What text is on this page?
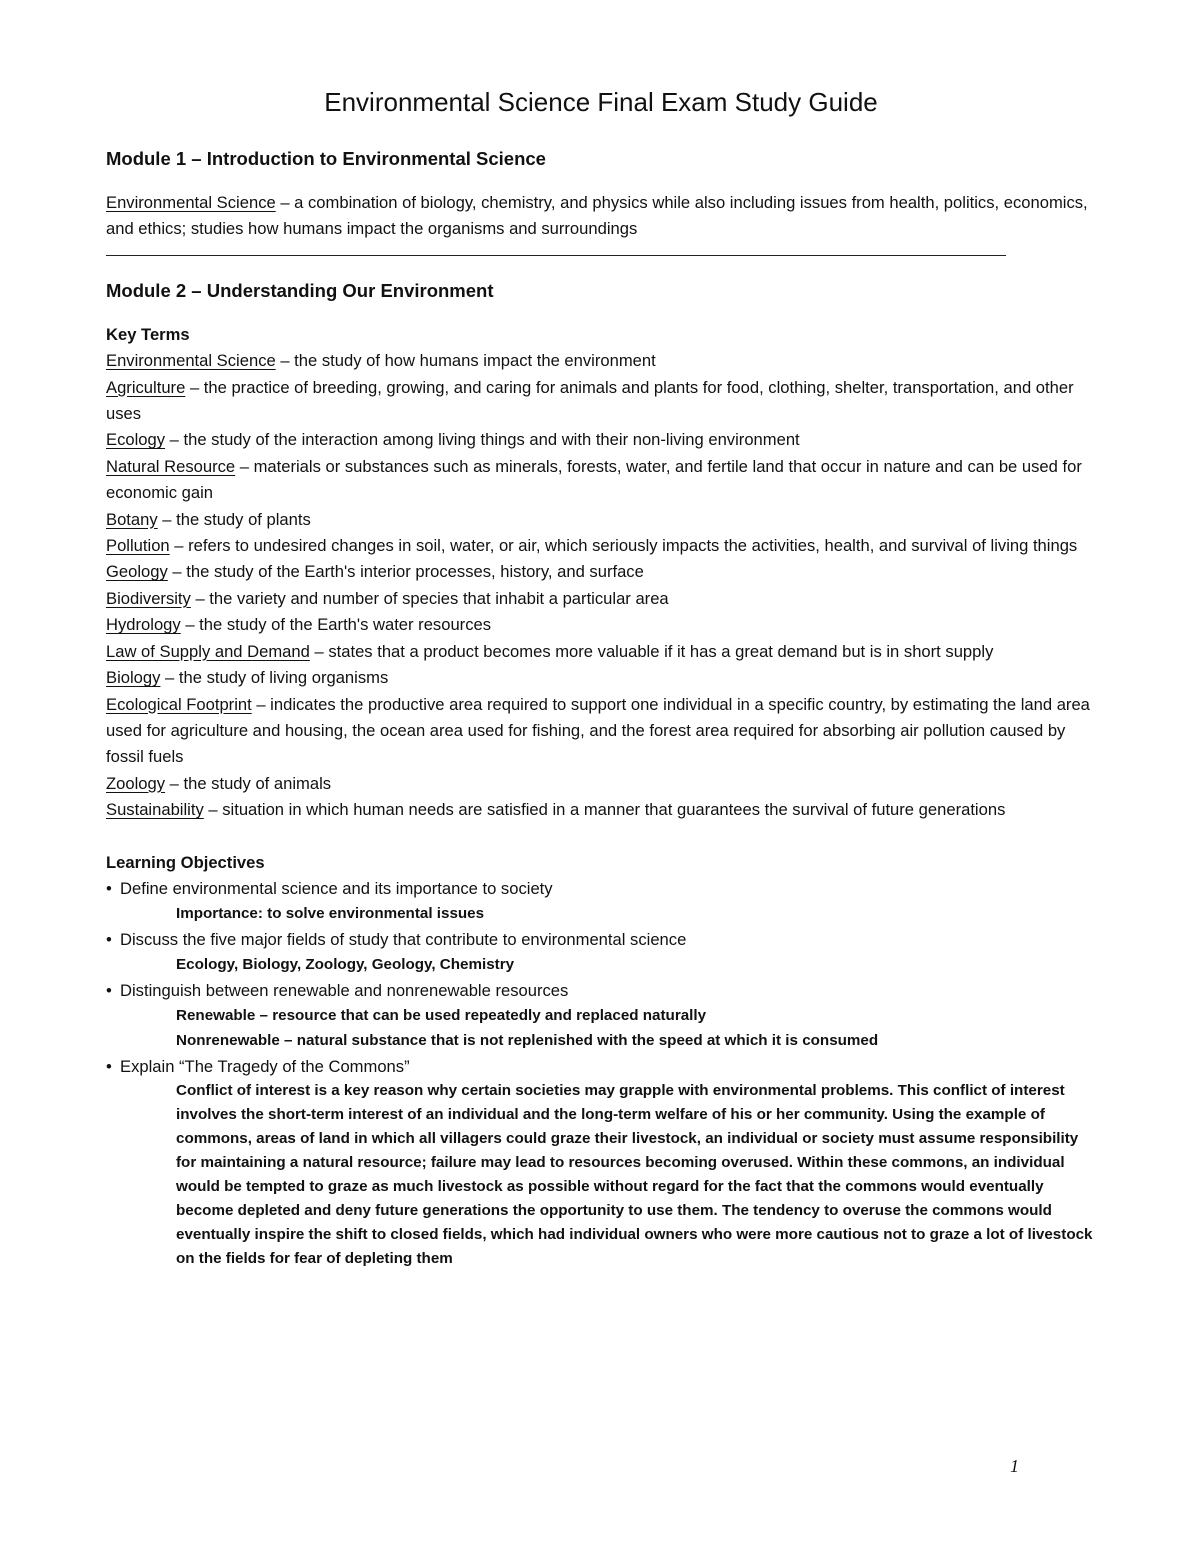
Environmental Science Final Exam Study Guide
Module 1 – Introduction to Environmental Science

Environmental Science – a combination of biology, chemistry, and physics while also including issues from health, politics, economics, and ethics; studies how humans impact the organisms and surroundings

Module 2 – Understanding Our Environment
Key Terms

Environmental Science – the study of how humans impact the environment

Agriculture – the practice of breeding, growing, and caring for animals and plants for food, clothing, shelter, transportation, and other uses

Ecology – the study of the interaction among living things and with their non-living environment

Natural Resource – materials or substances such as minerals, forests, water, and fertile land that occur in nature and can be used for economic gain

Botany – the study of plants

Pollution – refers to undesired changes in soil, water, or air, which seriously impacts the activities, health, and survival of living things

Geology – the study of the Earth's interior processes, history, and surface

Biodiversity – the variety and number of species that inhabit a particular area

Hydrology – the study of the Earth's water resources

Law of Supply and Demand – states that a product becomes more valuable if it has a great demand but is in short supply

Biology – the study of living organisms

Ecological Footprint – indicates the productive area required to support one individual in a specific country, by estimating the land area used for agriculture and housing, the ocean area used for fishing, and the forest area required for absorbing air pollution caused by fossil fuels

Zoology – the study of animals

Sustainability – situation in which human needs are satisfied in a manner that guarantees the survival of future generations

Learning Objectives

• Define environmental science and its importance to society

Importance: to solve environmental issues

• Discuss the five major fields of study that contribute to environmental science

Ecology, Biology, Zoology, Geology, Chemistry

• Distinguish between renewable and nonrenewable resources

Renewable – resource that can be used repeatedly and replaced naturally

Nonrenewable – natural substance that is not replenished with the speed at which it is consumed

• Explain “The Tragedy of the Commons”

Conflict of interest is a key reason why certain societies may grapple with environmental problems. This conflict of interest involves the short-term interest of an individual and the long-term welfare of his or her community. Using the example of commons, areas of land in which all villagers could graze their livestock, an individual or society must assume responsibility for maintaining a natural resource; failure may lead to resources becoming overused. Within these commons, an individual would be tempted to graze as much livestock as possible without regard for the fact that the commons would eventually become depleted and deny future generations the opportunity to use them. The tendency to overuse the commons would eventually inspire the shift to closed fields, which had individual owners who were more cautious not to graze a lot of livestock on the fields for fear of depleting them

1
